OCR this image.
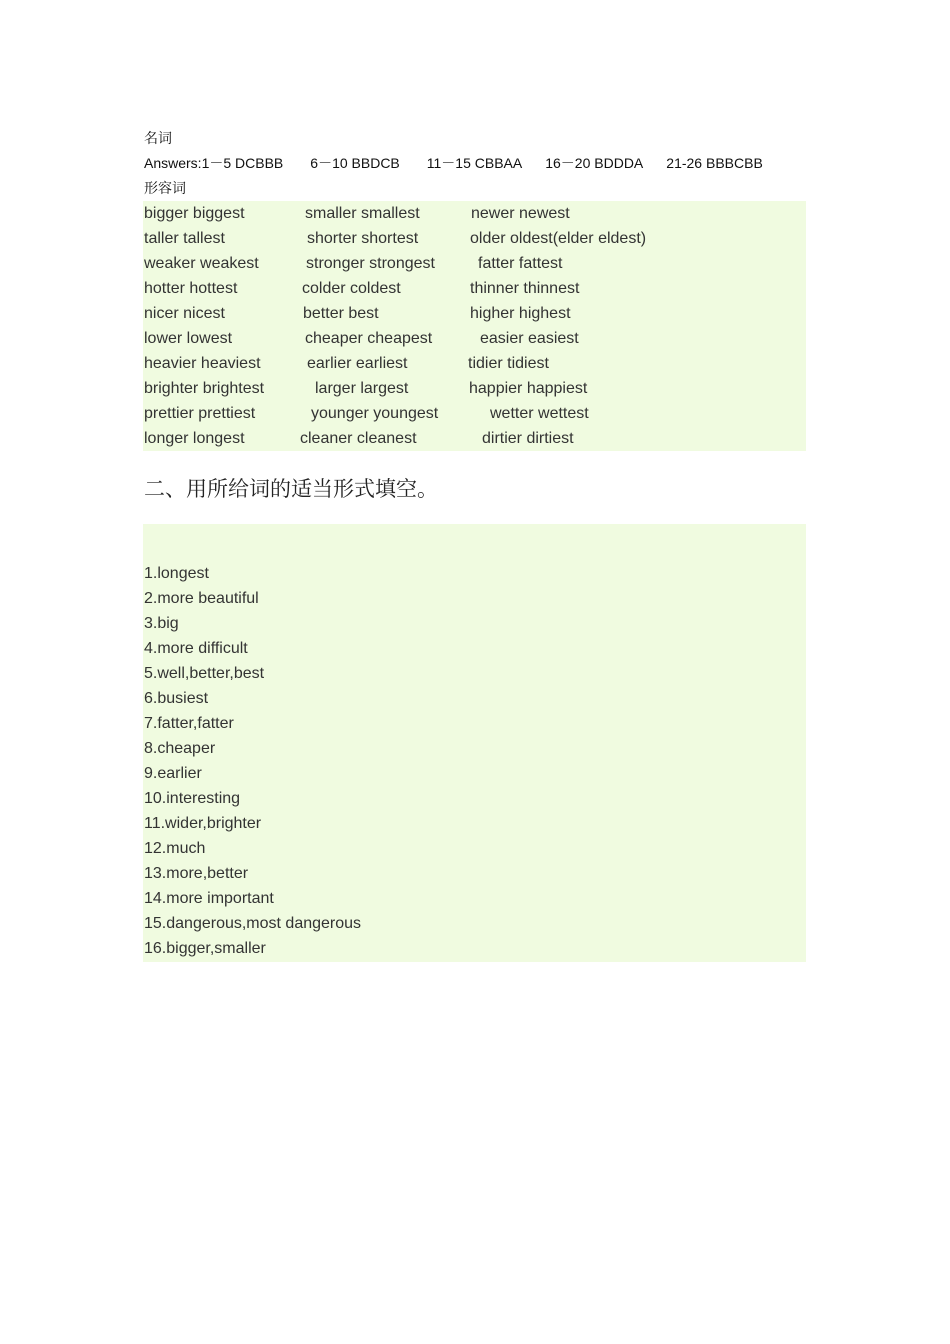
名词
Answers:1－5 DCBBB 6－10 BBDCB 11－15 CBBAA 16－20 BDDDA 21-26 BBBCBB
形容词
bigger biggest	smaller smallest	newer newest
taller tallest	shorter shortest	older oldest(elder eldest)
weaker weakest	stronger strongest	fatter fattest
hotter hottest	colder coldest	thinner thinnest
nicer nicest	better best	higher highest
lower lowest	cheaper cheapest	easier easiest
heavier heaviest	earlier earliest	tidier tidiest
brighter brightest	larger largest	happier happiest
prettier prettiest	younger youngest	wetter wettest
longer longest	cleaner cleanest	dirtier dirtiest
二、用所给词的适当形式填空。
1.longest
2.more beautiful
3.big
4.more difficult
5.well,better,best
6.busiest
7.fatter,fatter
8.cheaper
9.earlier
10.interesting
11.wider,brighter
12.much
13.more,better
14.more important
15.dangerous,most dangerous
16.bigger,smaller
